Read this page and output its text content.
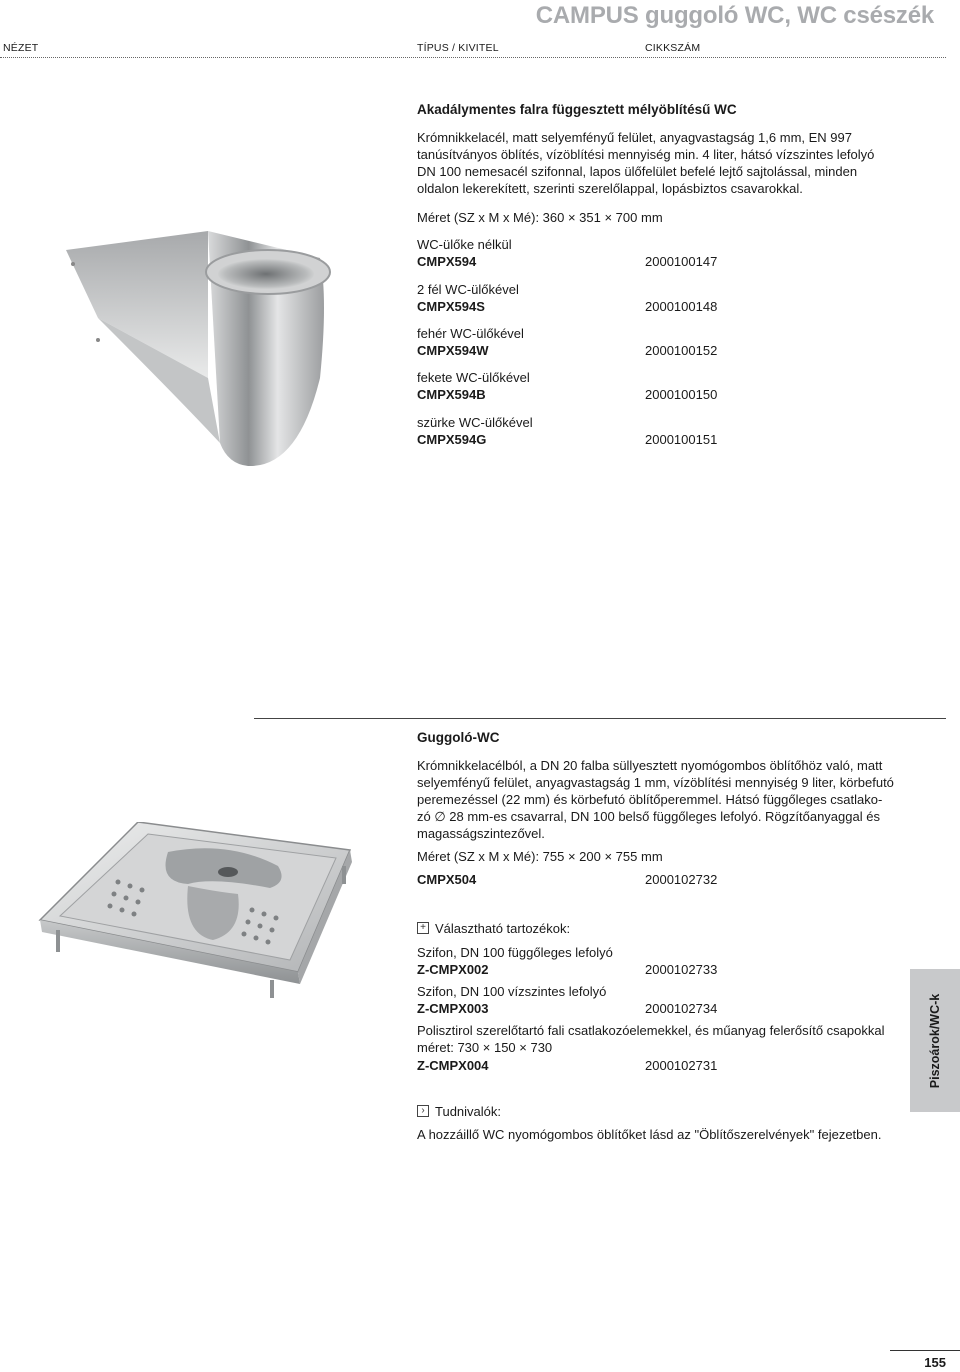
CAMPUS guggoló WC, WC csészék
NÉZET	TÍPUS / KIVITEL	CIKKSZÁM
Akadálymentes falra függesztett mélyöblítésű WC
Krómnikkelacél, matt selyemfényű felület, anyagvastagság 1,6 mm, EN 997
tanúsítványos öblítés, vízöblítési mennyiség min. 4 liter, hátsó vízszintes lefolyó
DN 100 nemesacél szifonnal, lapos ülőfelület befelé lejtő sajtolással, minden
oldalon lekerekített, szerinti szerelőlappal, lopásbiztos csavarokkal.
Méret (SZ x M x Mé): 360 × 351 × 700 mm
WC-ülőke nélkül
CMPX594	2000100147
2 fél WC-ülőkével
CMPX594S	2000100148
fehér WC-ülőkével
CMPX594W	2000100152
fekete WC-ülőkével
CMPX594B	2000100150
szürke WC-ülőkével
CMPX594G	2000100151
Guggoló-WC
Krómnikkelacélból, a DN 20 falba süllyesztett nyomógombos öblítőhöz való, matt
selyemfényű felület, anyagvastagság 1 mm, vízöblítési mennyiség 9 liter, körbefutó
peremezéssel (22 mm) és körbefutó öblítőperemmel. Hátsó függőleges csatlako-
zó ∅ 28 mm-es csavarral, DN 100 belső függőleges lefolyó. Rögzítőanyaggal és
magasságszintezővel.
Méret (SZ x M x Mé): 755 × 200 × 755 mm
CMPX504	2000102732
+ Választható tartozékok:
Szifon, DN 100 függőleges lefolyó
Z-CMPX002	2000102733
Szifon, DN 100 vízszintes lefolyó
Z-CMPX003	2000102734
Polisztirol szerelőtartó fali csatlakozóelemekkel, és műanyag felerősítő csapokkal
méret: 730 × 150 × 730
Z-CMPX004	2000102731
› Tudnivalók:
A hozzáillő WC nyomógombos öblítőket lásd az "Öblítőszerelvények" fejezetben.
Piszoárok/WC-k
155
